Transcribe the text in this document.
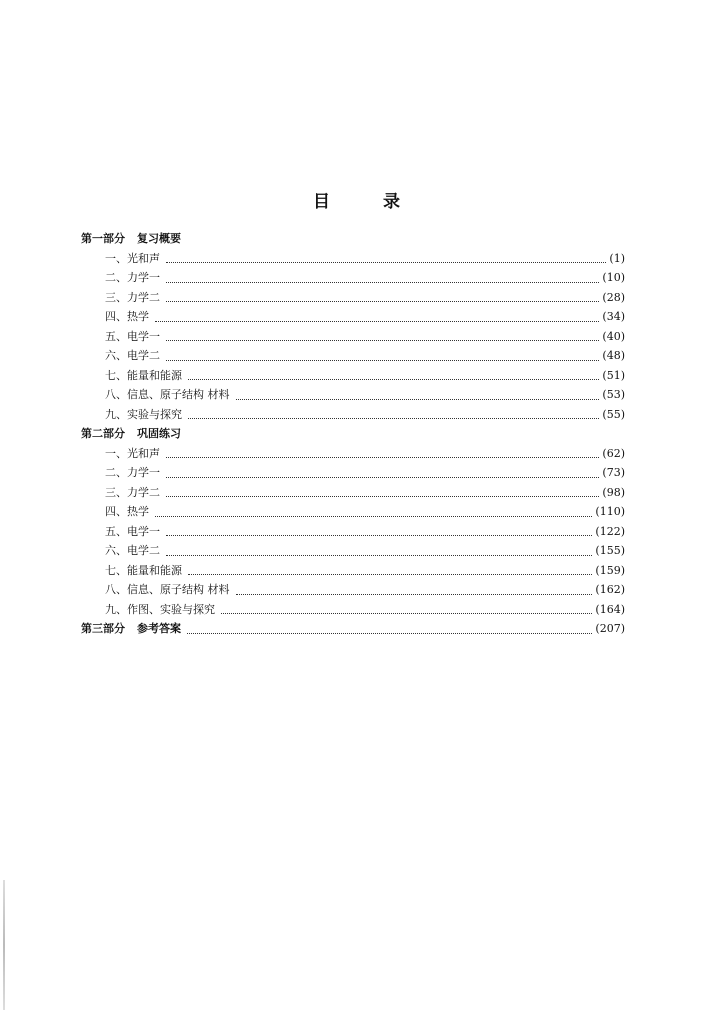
目　录
第一部分 复习概要
一、光和声	(1)
二、力学一	(10)
三、力学二	(28)
四、热学	(34)
五、电学一	(40)
六、电学二	(48)
七、能量和能源	(51)
八、信息、原子结构 材料	(53)
九、实验与探究	(55)
第二部分 巩固练习
一、光和声	(62)
二、力学一	(73)
三、力学二	(98)
四、热学	(110)
五、电学一	(122)
六、电学二	(155)
七、能量和能源	(159)
八、信息、原子结构 材料	(162)
九、作图、实验与探究	(164)
第三部分 参考答案	(207)
